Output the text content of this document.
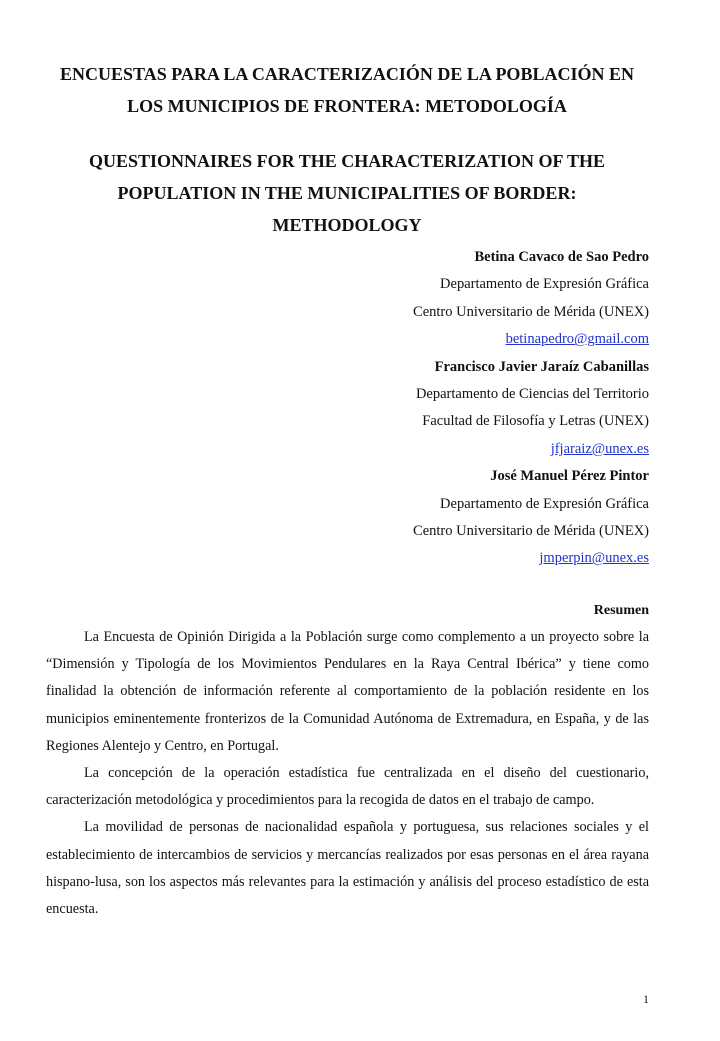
ENCUESTAS PARA LA CARACTERIZACIÓN DE LA POBLACIÓN EN
LOS MUNICIPIOS DE FRONTERA: METODOLOGÍA
QUESTIONNAIRES FOR THE CHARACTERIZATION OF THE
POPULATION IN THE MUNICIPALITIES OF BORDER:
METHODOLOGY
Betina Cavaco de Sao Pedro
Departamento de Expresión Gráfica
Centro Universitario de Mérida (UNEX)
betinapedro@gmail.com
Francisco Javier Jaraíz Cabanillas
Departamento de Ciencias del Territorio
Facultad de Filosofía y Letras (UNEX)
jfjaraiz@unex.es
José Manuel Pérez Pintor
Departamento de Expresión Gráfica
Centro Universitario de Mérida (UNEX)
jmperpin@unex.es
Resumen

La Encuesta de Opinión Dirigida a la Población surge como complemento a un proyecto sobre la “Dimensión y Tipología de los Movimientos Pendulares en la Raya Central Ibérica” y tiene como finalidad la obtención de información referente al comportamiento de la población residente en los municipios eminentemente fronterizos de la Comunidad Autónoma de Extremadura, en España, y de las Regiones Alentejo y Centro, en Portugal.

La concepción de la operación estadística fue centralizada en el diseño del cuestionario, caracterización metodológica y procedimientos para la recogida de datos en el trabajo de campo.

La movilidad de personas de nacionalidad española y portuguesa, sus relaciones sociales y el establecimiento de intercambios de servicios y mercancías realizados por esas personas en el área rayana hispano-lusa, son los aspectos más relevantes para la estimación y análisis del proceso estadístico de esta encuesta.

1
